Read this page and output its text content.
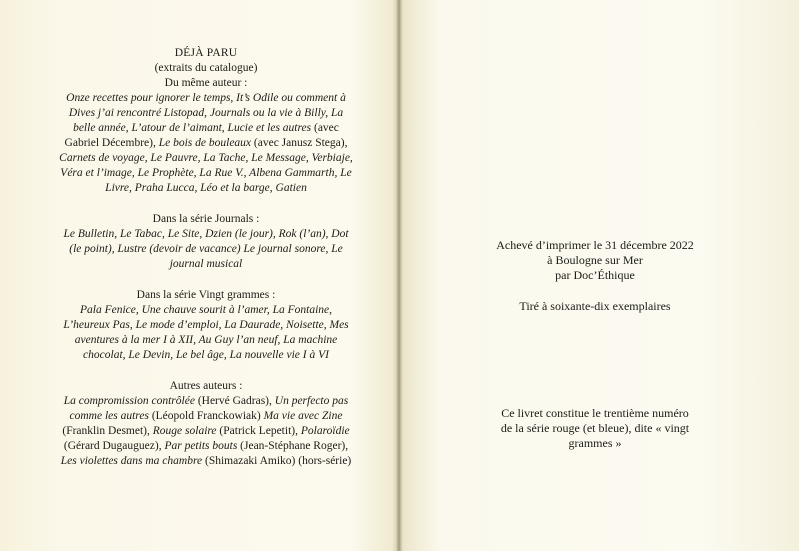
DÉJÀ PARU

(extraits du catalogue)

Du même auteur :

Onze recettes pour ignorer le temps, It’s Odile ou comment à Dives j’ai rencontré Listopad, Journals ou la vie à Billy, La belle année, L’atour de l’aimant, Lucie et les autres (avec Gabriel Décembre), Le bois de bouleaux (avec Janusz Stega), Carnets de voyage, Le Pauvre, La Tache, Le Message, Verbiaje, Véra et l’image, Le Prophète, La Rue V., Albena Gammarth, Le Livre, Praha Lucca, Léo et la barge, Gatien

Dans la série Journals :

Le Bulletin, Le Tabac, Le Site, Dzien (le jour), Rok (l’an), Dot (le point), Lustre (devoir de vacance) Le journal sonore, Le journal musical

Dans la série Vingt grammes :

Pala Fenice, Une chauve sourit à l’amer, La Fontaine, L’heureux Pas, Le mode d’emploi, La Daurade, Noisette, Mes aventures à la mer I à XII, Au Guy l’an neuf, La machine chocolat, Le Devin, Le bel âge, La nouvelle vie I à VI

Autres auteurs :

La compromission contrôlée (Hervé Gadras), Un perfecto pas comme les autres (Léopold Franckowiak) Ma vie avec Zine (Franklin Desmet), Rouge solaire (Patrick Lepetit), Polaroïdie (Gérard Dugauguez), Par petits bouts (Jean-Stéphane Roger), Les violettes dans ma chambre (Shimazaki Amiko) (hors-série)

Achevé d’imprimer le 31 décembre 2022

à Boulogne sur Mer

par Doc’Éthique

Tiré à soixante-dix exemplaires

Ce livret constitue le trentième numéro de la série rouge (et bleue), dite « vingt grammes »
